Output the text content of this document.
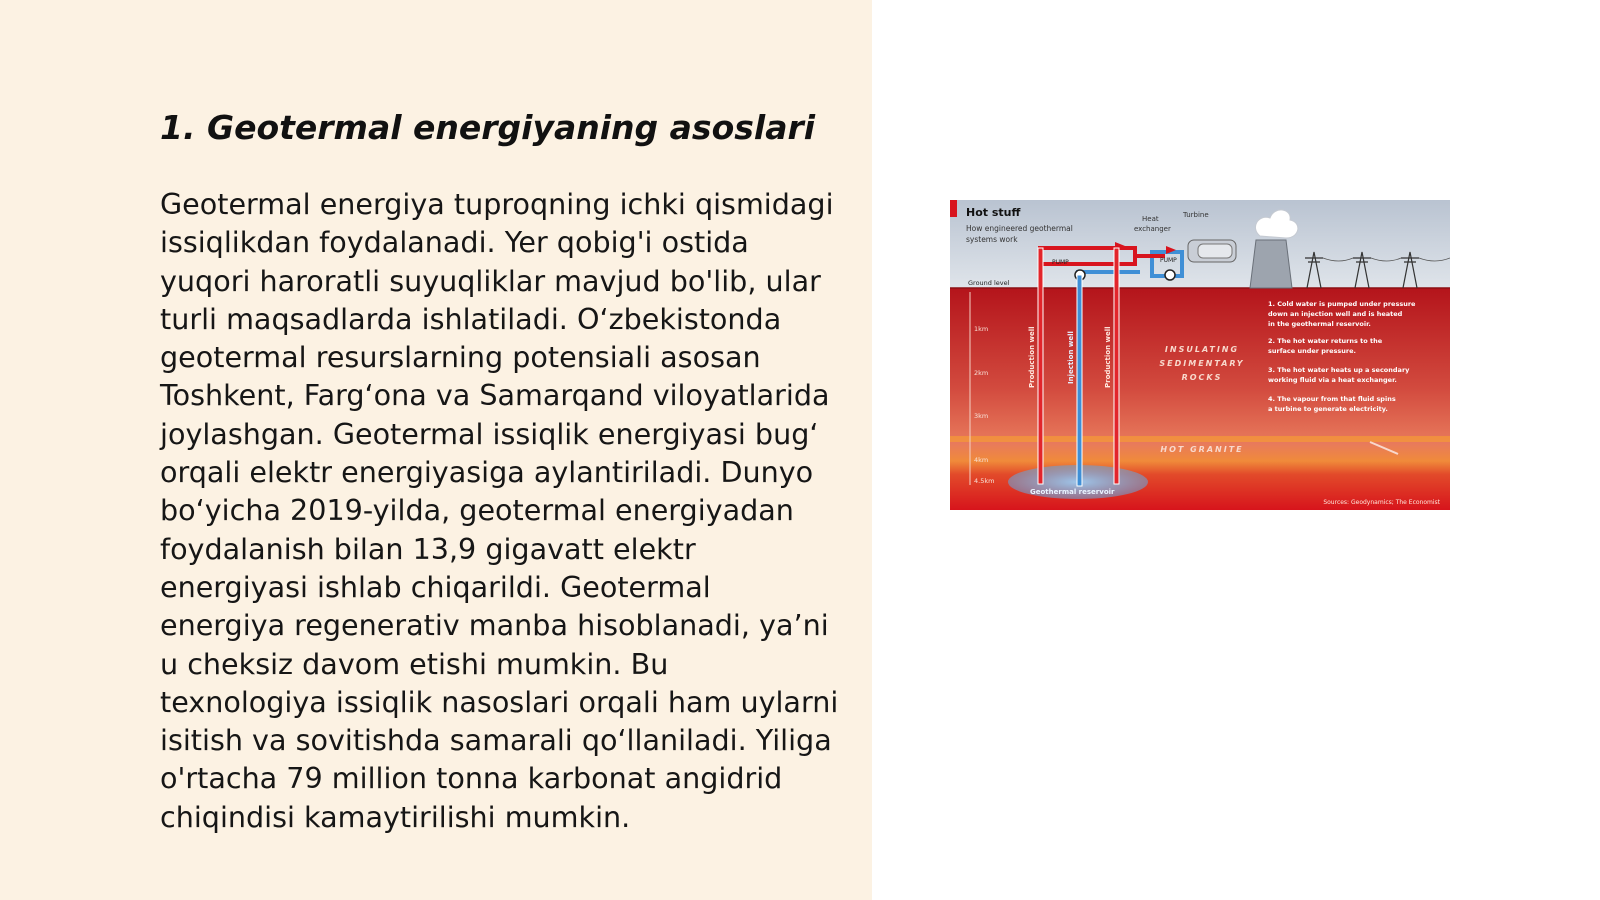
1. Geotermal energiyaning asoslari

Geotermal energiya tuproqning ichki qismidagi issiqlikdan foydalanadi. Yer qobig'i ostida yuqori haroratli suyuqliklar mavjud bo'lib, ular turli maqsadlarda ishlatiladi. O‘zbekistonda geotermal resurslarning potensiali asosan Toshkent, Farg‘ona va Samarqand viloyatlarida joylashgan. Geotermal issiqlik energiyasi bug‘ orqali elektr energiyasiga aylantiriladi. Dunyo bo‘yicha 2019-yilda, geotermal energiyadan foydalanish bilan 13,9 gigavatt elektr energiyasi ishlab chiqarildi. Geotermal energiya regenerativ manba hisoblanadi, ya’ni u cheksiz davom etishi mumkin. Bu texnologiya issiqlik nasoslari orqali ham uylarni isitish va sovitishda samarali qo‘llaniladi. Yiliga o'rtacha 79 million tonna karbonat angidrid chiqindisi kamaytirilishi mumkin.

Hot stuff
How engineered geothermal
systems work
Heat
exchanger
Turbine
PUMP	PUMP
Ground level
1km
2km
3km
4km
4.5km
Geothermal reservoir
Production well	Injection well	Production well	INSULATING
SEDIMENTARY
ROCKS
HOT GRANITE
1. Cold water is pumped under pressure
down an injection well and is heated
in the geothermal reservoir.
2. The hot water returns to the
surface under pressure.
3. The hot water heats up a secondary
working fluid via a heat exchanger.
4. The vapour from that fluid spins
a turbine to generate electricity.
Sources: Geodynamics; The Economist
